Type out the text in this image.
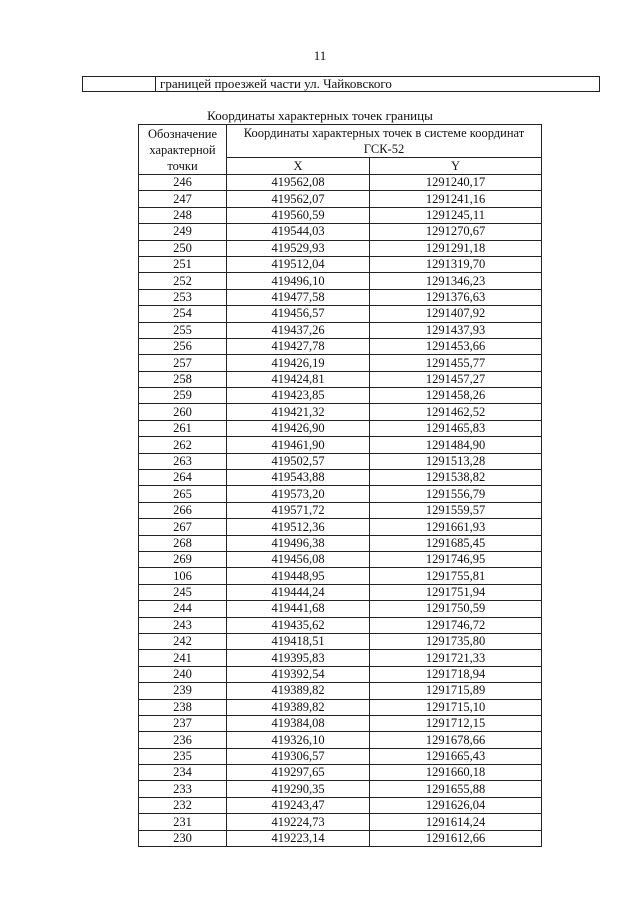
11
границей проезжей части ул. Чайковского
Координаты характерных точек границы
Обозначение характерной точки	Координаты характерных точек в системе координат ГСК-52	
	X	Y
246	419562,08	1291240,17
247	419562,07	1291241,16
248	419560,59	1291245,11
249	419544,03	1291270,67
250	419529,93	1291291,18
251	419512,04	1291319,70
252	419496,10	1291346,23
253	419477,58	1291376,63
254	419456,57	1291407,92
255	419437,26	1291437,93
256	419427,78	1291453,66
257	419426,19	1291455,77
258	419424,81	1291457,27
259	419423,85	1291458,26
260	419421,32	1291462,52
261	419426,90	1291465,83
262	419461,90	1291484,90
263	419502,57	1291513,28
264	419543,88	1291538,82
265	419573,20	1291556,79
266	419571,72	1291559,57
267	419512,36	1291661,93
268	419496,38	1291685,45
269	419456,08	1291746,95
106	419448,95	1291755,81
245	419444,24	1291751,94
244	419441,68	1291750,59
243	419435,62	1291746,72
242	419418,51	1291735,80
241	419395,83	1291721,33
240	419392,54	1291718,94
239	419389,82	1291715,89
238	419389,82	1291715,10
237	419384,08	1291712,15
236	419326,10	1291678,66
235	419306,57	1291665,43
234	419297,65	1291660,18
233	419290,35	1291655,88
232	419243,47	1291626,04
231	419224,73	1291614,24
230	419223,14	1291612,66
